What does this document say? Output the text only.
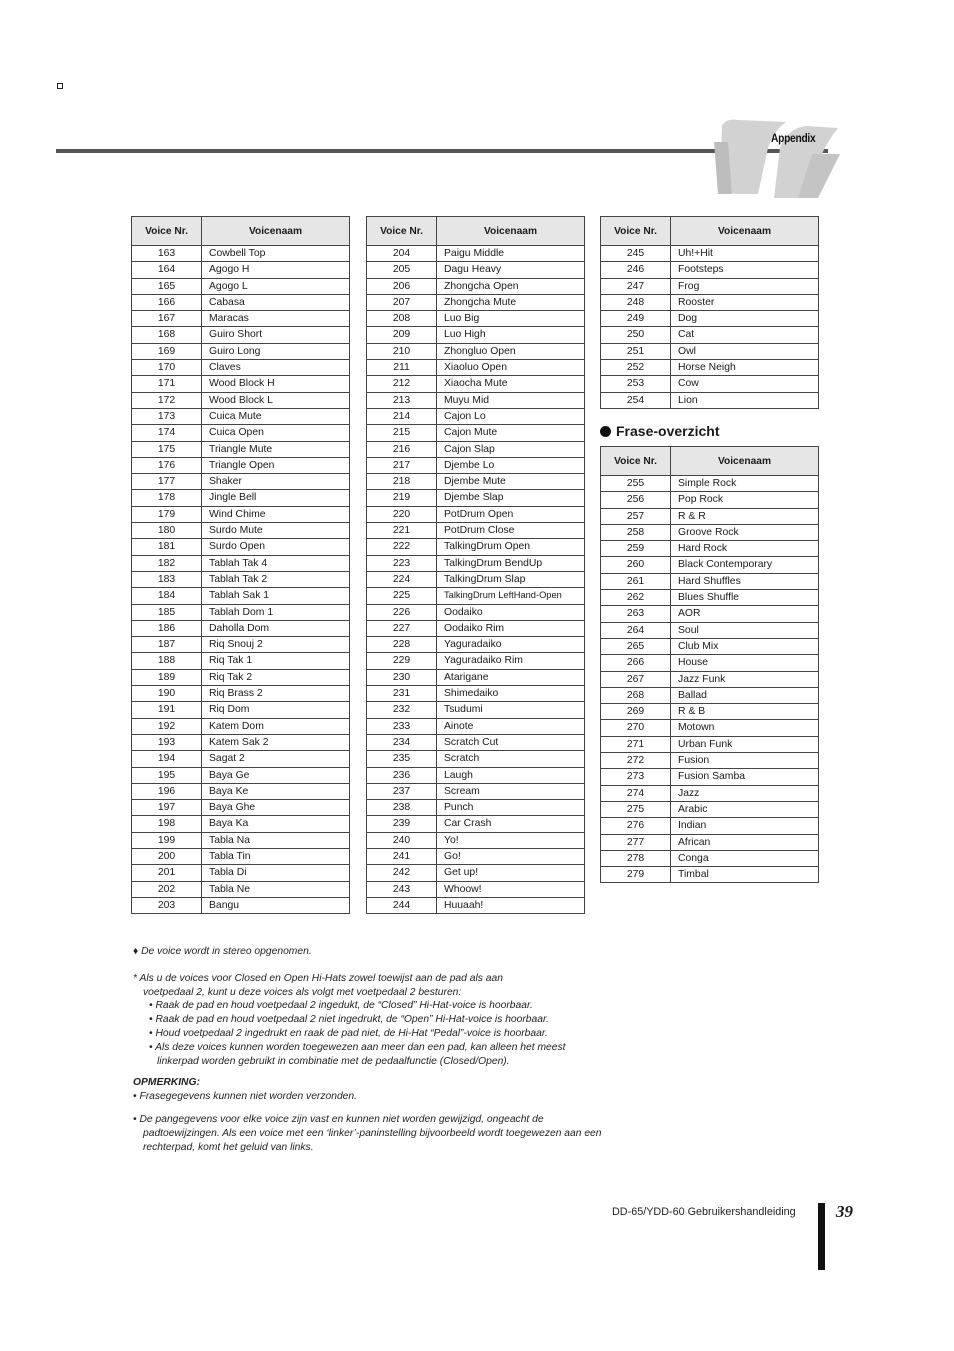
Appendix
Voice Nr.	Voicenaam
163	Cowbell Top
164	Agogo H
165	Agogo L
166	Cabasa
167	Maracas
168	Guiro Short
169	Guiro Long
170	Claves
171	Wood Block H
172	Wood Block L
173	Cuica Mute
174	Cuica Open
175	Triangle Mute
176	Triangle Open
177	Shaker
178	Jingle Bell
179	Wind Chime
180	Surdo Mute
181	Surdo Open
182	Tablah Tak 4
183	Tablah Tak 2
184	Tablah Sak 1
185	Tablah Dom 1
186	Daholla Dom
187	Riq Snouj 2
188	Riq Tak 1
189	Riq Tak 2
190	Riq Brass 2
191	Riq Dom
192	Katem Dom
193	Katem Sak 2
194	Sagat 2
195	Baya Ge
196	Baya Ke
197	Baya Ghe
198	Baya Ka
199	Tabla Na
200	Tabla Tin
201	Tabla Di
202	Tabla Ne
203	Bangu
Voice Nr.	Voicenaam
204	Paigu Middle
205	Dagu Heavy
206	Zhongcha Open
207	Zhongcha Mute
208	Luo Big
209	Luo High
210	Zhongluo Open
211	Xiaoluo Open
212	Xiaocha Mute
213	Muyu Mid
214	Cajon Lo
215	Cajon Mute
216	Cajon Slap
217	Djembe Lo
218	Djembe Mute
219	Djembe Slap
220	PotDrum Open
221	PotDrum Close
222	TalkingDrum Open
223	TalkingDrum BendUp
224	TalkingDrum Slap
225	TalkingDrum LeftHand-Open
226	Oodaiko
227	Oodaiko Rim
228	Yaguradaiko
229	Yaguradaiko Rim
230	Atarigane
231	Shimedaiko
232	Tsudumi
233	Ainote
234	Scratch Cut
235	Scratch
236	Laugh
237	Scream
238	Punch
239	Car Crash
240	Yo!
241	Go!
242	Get up!
243	Whoow!
244	Huuaah!
Voice Nr.	Voicenaam
245	Uh!+Hit
246	Footsteps
247	Frog
248	Rooster
249	Dog
250	Cat
251	Owl
252	Horse Neigh
253	Cow
254	Lion
Frase-overzicht
Voice Nr.	Voicenaam
255	Simple Rock
256	Pop Rock
257	R & R
258	Groove Rock
259	Hard Rock
260	Black Contemporary
261	Hard Shuffles
262	Blues Shuffle
263	AOR
264	Soul
265	Club Mix
266	House
267	Jazz Funk
268	Ballad
269	R & B
270	Motown
271	Urban Funk
272	Fusion
273	Fusion Samba
274	Jazz
275	Arabic
276	Indian
277	African
278	Conga
279	Timbal

♦ De voice wordt in stereo opgenomen.

* Als u de voices voor Closed en Open Hi-Hats zowel toewijst aan de pad als aan

voetpedaal 2, kunt u deze voices als volgt met voetpedaal 2 besturen:

• Raak de pad en houd voetpedaal 2 ingedukt, de “Closed” Hi-Hat-voice is hoorbaar.

• Raak de pad en houd voetpedaal 2 niet ingedrukt, de “Open” Hi-Hat-voice is hoorbaar.

• Houd voetpedaal 2 ingedrukt en raak de pad niet, de Hi-Hat “Pedal”-voice is hoorbaar.

• Als deze voices kunnen worden toegewezen aan meer dan een pad, kan alleen het meest linkerpad worden gebruikt in combinatie met de pedaalfunctie (Closed/Open).

OPMERKING:

• Frasegegevens kunnen niet worden verzonden.

• De pangegevens voor elke voice zijn vast en kunnen niet worden gewijzigd, ongeacht de padtoewijzingen. Als een voice met een ‘linker’-paninstelling bijvoorbeeld wordt toegewezen aan een rechterpad, komt het geluid van links.

DD-65/YDD-60 Gebruikershandleiding 39
